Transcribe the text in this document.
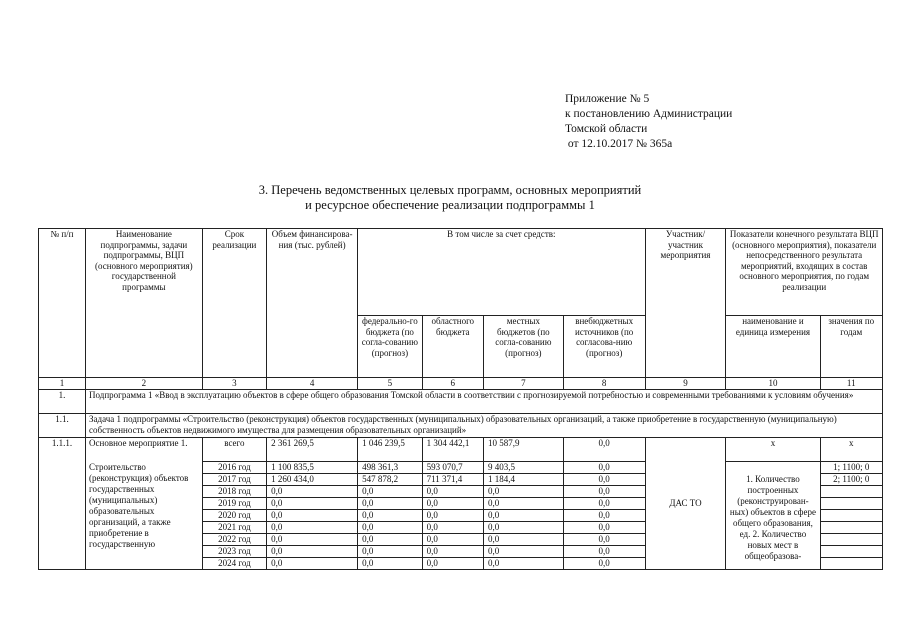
Приложение № 5
к постановлению Администрации
Томской области
от 12.10.2017 № 365а
3. Перечень ведомственных целевых программ, основных мероприятий
и ресурсное обеспечение реализации подпрограммы 1
№ п/п	Наименование подпрограммы, задачи подпрограммы, ВЦП (основного мероприятия) государственной программы	Срок реализации	Объем финансирова-ния (тыс. рублей)	В том числе за счет средств:				Участник/ участник мероприятия	Показатели конечного результата ВЦП (основного мероприятия), показатели непосредственного результата мероприятий, входящих в состав основного мероприятия, по годам реализации	
				федерально-го бюджета (по согла-сованию (прогноз)	областного бюджета	местных бюджетов (по согла-сованию (прогноз)	внебюджетных источников (по согласова-нию (прогноз)		наименование и единица измерения	значения по годам
1	2	3	4	5	6	7	8	9	10	11
1.	Подпрограмма 1 «Ввод в эксплуатацию объектов в сфере общего образования Томской области в соответствии с прогнозируемой потребностью и современными требованиями к условиям обучения»									
1.1.	Задача 1 подпрограммы «Строительство (реконструкция) объектов государственных (муниципальных) образовательных организаций, а также приобретение в государственную (муниципальную) собственность объектов недвижимого имущества для размещения образовательных организаций»									
1.1.1.	Основное мероприятие 1.	всего	2 361 269,5	1 046 239,5	1 304 442,1	10 587,9	0,0	ДАС ТО	х	х

	Строительство (реконструкция) объектов государственных (муниципальных) образовательных организаций, а также приобретение в государственную	2016 год	1 100 835,5	498 361,3	593 070,7	9 403,5	0,0		1. Количество построенных (реконструирован-ных) объектов в сфере общего образования, ед. 2. Количество новых мест в общеобразова-	1; 1100; 0
		2017 год	1 260 434,0	547 878,2	711 371,4	1 184,4	0,0			2; 1100; 0
		2018 год	0,0	0,0	0,0	0,0	0,0			
		2019 год	0,0	0,0	0,0	0,0	0,0			
		2020 год	0,0	0,0	0,0	0,0	0,0			
		2021 год	0,0	0,0	0,0	0,0	0,0			
		2022 год	0,0	0,0	0,0	0,0	0,0			
		2023 год	0,0	0,0	0,0	0,0	0,0			
		2024 год	0,0	0,0	0,0	0,0	0,0			
